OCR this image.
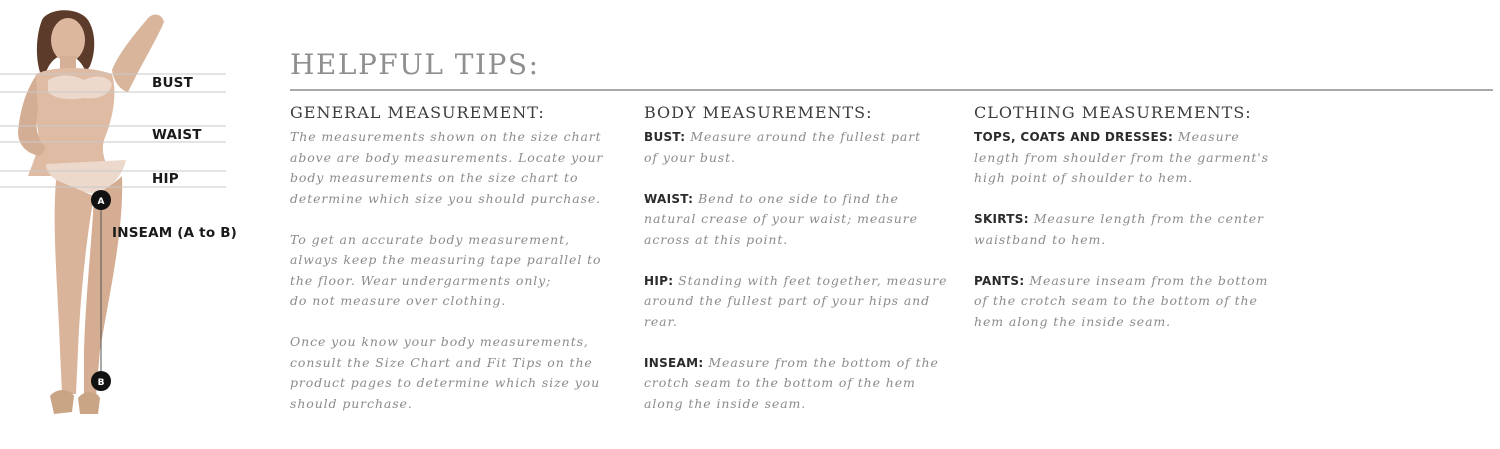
A
B
BUST
WAIST
HIP
INSEAM (A to B)
HELPFUL TIPS:
GENERAL MEASUREMENT:

The measurements shown on the size chart
above are body measurements. Locate your
body measurements on the size chart to
determine which size you should purchase.

To get an accurate body measurement,
always keep the measuring tape parallel to
the floor. Wear undergarments only;
do not measure over clothing.

Once you know your body measurements,
consult the Size Chart and Fit Tips on the
product pages to determine which size you
should purchase.

BODY MEASUREMENTS:

BUST: Measure around the fullest part
of your bust.

WAIST: Bend to one side to find the
natural crease of your waist; measure
across at this point.

HIP: Standing with feet together, measure
around the fullest part of your hips and
rear.

INSEAM: Measure from the bottom of the
crotch seam to the bottom of the hem
along the inside seam.

CLOTHING MEASUREMENTS:

TOPS, COATS AND DRESSES: Measure
length from shoulder from the garment's
high point of shoulder to hem.

SKIRTS: Measure length from the center
waistband to hem.

PANTS: Measure inseam from the bottom
of the crotch seam to the bottom of the
hem along the inside seam.
